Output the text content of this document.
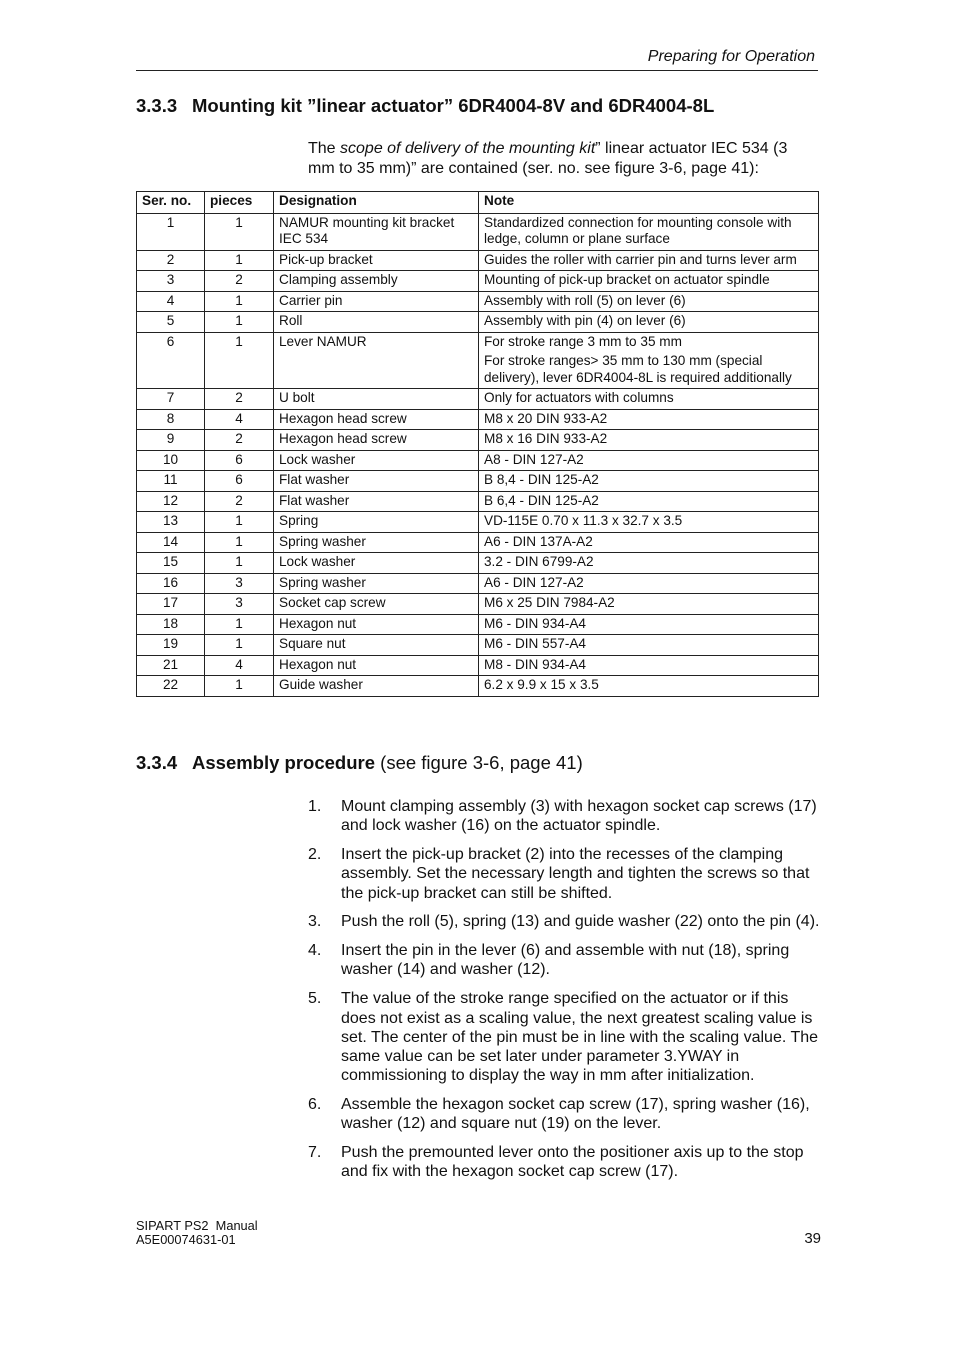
Preparing for Operation
3.3.3 Mounting kit ”linear actuator” 6DR4004-8V and 6DR4004-8L
The scope of delivery of the mounting kit” linear actuator IEC 534 (3 mm to 35 mm)” are contained (ser. no. see figure 3-6, page 41):
Ser. no.	pieces	Designation	Note
1	1	NAMUR mounting kit bracket IEC 534	Standardized connection for mounting console with ledge, column or plane surface
2	1	Pick-up bracket	Guides the roller with carrier pin and turns lever arm
3	2	Clamping assembly	Mounting of pick-up bracket on actuator spindle
4	1	Carrier pin	Assembly with roll (5) on lever (6)
5	1	Roll	Assembly with pin (4) on lever (6)
6	1	Lever NAMUR	For stroke range 3 mm to 35 mm
For stroke ranges> 35 mm to 130 mm (special delivery), lever 6DR4004-8L is required additionally

7	2	U bolt	Only for actuators with columns
8	4	Hexagon head screw	M8 x 20 DIN 933-A2
9	2	Hexagon head screw	M8 x 16 DIN 933-A2
10	6	Lock washer	A8 - DIN 127-A2
11	6	Flat washer	B 8,4 - DIN 125-A2
12	2	Flat washer	B 6,4 - DIN 125-A2
13	1	Spring	VD-115E 0.70 x 11.3 x 32.7 x 3.5
14	1	Spring washer	A6 - DIN 137A-A2
15	1	Lock washer	3.2 - DIN 6799-A2
16	3	Spring washer	A6 - DIN 127-A2
17	3	Socket cap screw	M6 x 25 DIN 7984-A2
18	1	Hexagon nut	M6 - DIN 934-A4
19	1	Square nut	M6 - DIN 557-A4
21	4	Hexagon nut	M8 - DIN 934-A4
22	1	Guide washer	6.2 x 9.9 x 15 x 3.5
3.3.4 Assembly procedure (see figure 3-6, page 41)
1. Mount clamping assembly (3) with hexagon socket cap screws (17) and lock washer (16) on the actuator spindle.
2. Insert the pick-up bracket (2) into the recesses of the clamping assembly. Set the necessary length and tighten the screws so that the pick-up bracket can still be shifted.
3. Push the roll (5), spring (13) and guide washer (22) onto the pin (4).
4. Insert the pin in the lever (6) and assemble with nut (18), spring washer (14) and washer (12).
5. The value of the stroke range specified on the actuator or if this does not exist as a scaling value, the next greatest scaling value is set. The center of the pin must be in line with the scaling value. The same value can be set later under parameter 3.YWAY in commissioning to display the way in mm after initialization.
6. Assemble the hexagon socket cap screw (17), spring washer (16), washer (12) and square nut (19) on the lever.
7. Push the premounted lever onto the positioner axis up to the stop and fix with the hexagon socket cap screw (17).
SIPART PS2  Manual
A5E00074631-01	39
